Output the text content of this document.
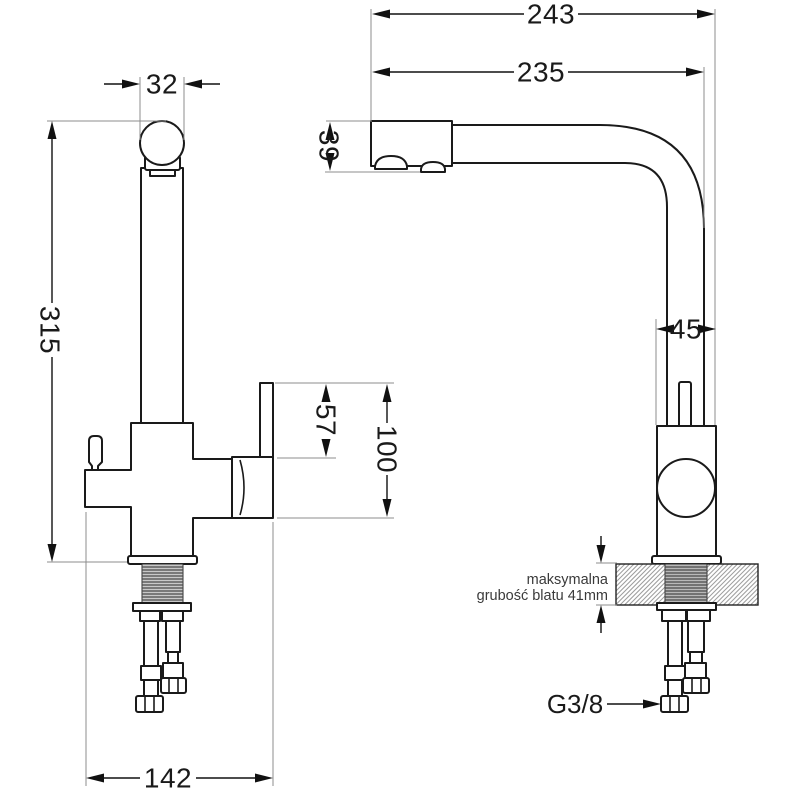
32
315
142
57
100
243
235
39
45
maksymalna
grubość blatu 41mm
G3/8
